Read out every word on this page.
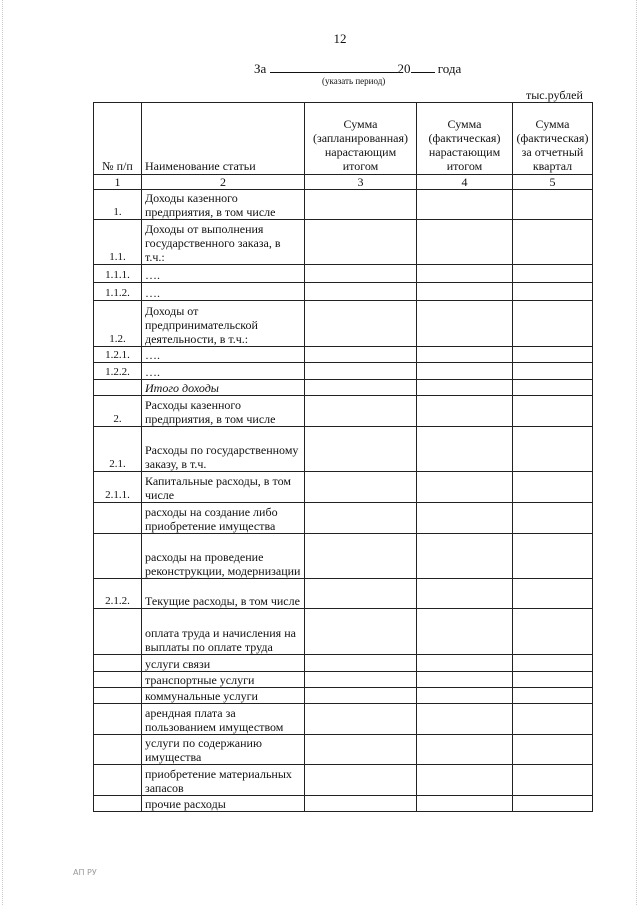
12
За	20 года
(указать период)
тыс.рублей
№ п/п	Наименование статьи	Сумма (запланированная) нарастающим итогом	Сумма (фактическая) нарастающим итогом	Сумма (фактическая) за отчетный квартал
1	2	3	4	5
1.	Доходы казенного предприятия, в том числе			
1.1.	Доходы от выполнения государственного заказа, в т.ч.:			
1.1.1.	….			
1.1.2.	….			
1.2.	Доходы от предпринимательской деятельности, в т.ч.:			
1.2.1.	….			
1.2.2.	….			
	Итого доходы			
2.	Расходы казенного предприятия, в том числе			
2.1.	Расходы по государственному заказу, в т.ч.			
2.1.1.	Капитальные расходы, в том числе			
	расходы на создание либо приобретение имущества			
	расходы на проведение реконструкции, модернизации			
2.1.2.	Текущие расходы, в том числе			
	оплата труда и начисления на выплаты по оплате труда			
	услуги связи			
	транспортные услуги			
	коммунальные услуги			
	арендная плата за пользованием имуществом			
	услуги по содержанию имущества			
	приобретение материальных запасов			
	прочие расходы			
АП РУ
